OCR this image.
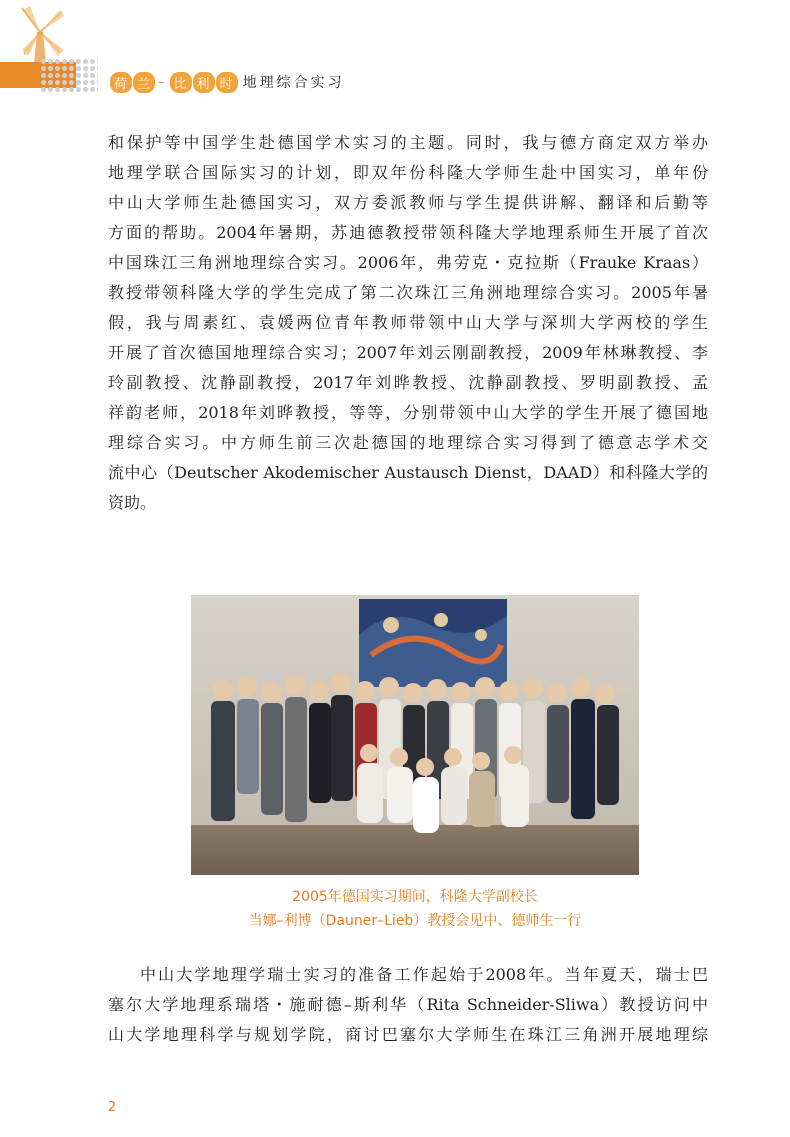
荷 兰 – 比 利 时 地理综合实习
和保护等中国学生赴德国学术实习的主题。同时，我与德方商定双方举办
地理学联合国际实习的计划，即双年份科隆大学师生赴中国实习，单年份
中山大学师生赴德国实习，双方委派教师与学生提供讲解、翻译和后勤等
方面的帮助。2004年暑期，苏迪德教授带领科隆大学地理系师生开展了首次
中国珠江三角洲地理综合实习。2006年，弗劳克・克拉斯（Frauke Kraas）
教授带领科隆大学的学生完成了第二次珠江三角洲地理综合实习。2005年暑
假，我与周素红、袁媛两位青年教师带领中山大学与深圳大学两校的学生
开展了首次德国地理综合实习；2007年刘云刚副教授，2009年林琳教授、李
玲副教授、沈静副教授，2017年刘晔教授、沈静副教授、罗明副教授、孟
祥韵老师，2018年刘晔教授，等等，分别带领中山大学的学生开展了德国地
理综合实习。中方师生前三次赴德国的地理综合实习得到了德意志学术交
流中心（Deutscher Akodemischer Austausch Dienst，DAAD）和科隆大学的
资助。
2005年德国实习期间，科隆大学副校长
当娜–利博（Dauner–Lieb）教授会见中、德师生一行
中山大学地理学瑞士实习的准备工作起始于2008年。当年夏天，瑞士巴
塞尔大学地理系瑞塔・施耐德–斯利华（Rita Schneider-Sliwa）教授访问中
山大学地理科学与规划学院，商讨巴塞尔大学师生在珠江三角洲开展地理综
2
